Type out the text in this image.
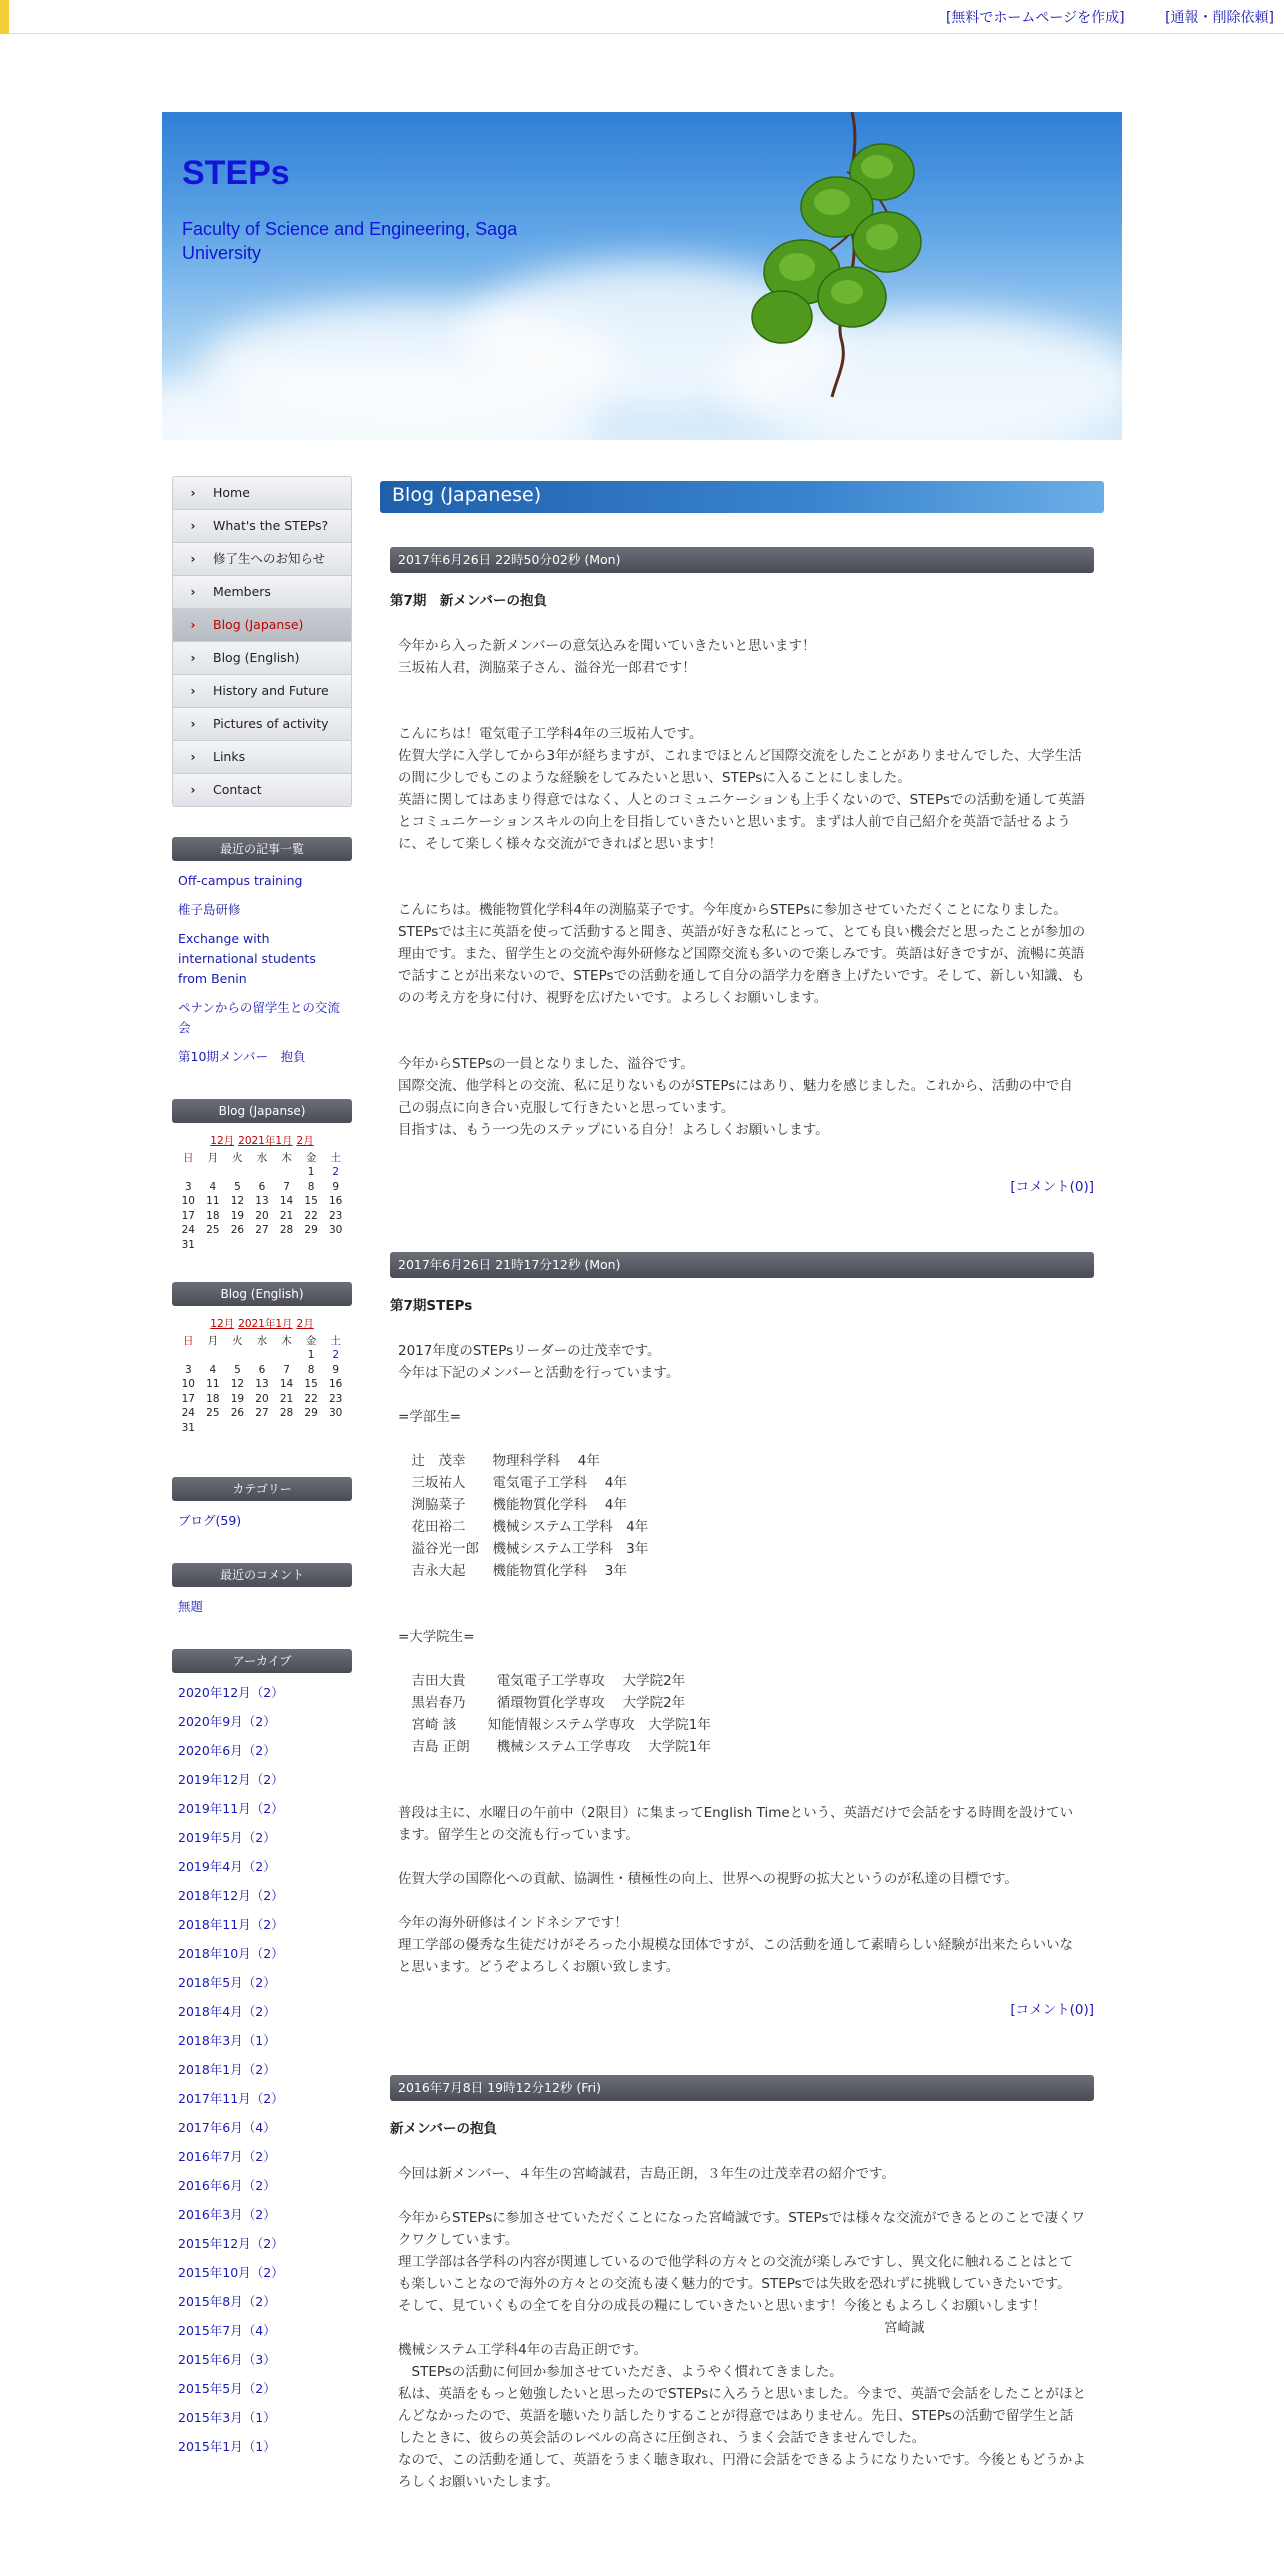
[無料でホームページを作成]	[通報・削除依頼]
STEPs
Faculty of Science and Engineering, Saga University
›	Home
›	What's the STEPs?
›	修了生へのお知らせ
›	Members
›	Blog (Japanse)
›	Blog (English)
›	History and Future
›	Pictures of activity
›	Links
›	Contact
最近の記事一覧
Off-campus training
椎子島研修
Exchange with international students from Benin
ペナンからの留学生との交流会
第10期メンバー　抱負
Blog (Japanse)
12月 2021年1月 2月
日	月	火	水	木	金	土
					1	2
3	4	5	6	7	8	9
10	11	12	13	14	15	16
17	18	19	20	21	22	23
24	25	26	27	28	29	30
31						
Blog (English)
12月 2021年1月 2月
日	月	火	水	木	金	土
					1	2
3	4	5	6	7	8	9
10	11	12	13	14	15	16
17	18	19	20	21	22	23
24	25	26	27	28	29	30
31						
カテゴリー
ブログ(59)
最近のコメント
無題
アーカイブ
2020年12月（2）
2020年9月（2）
2020年6月（2）
2019年12月（2）
2019年11月（2）
2019年5月（2）
2019年4月（2）
2018年12月（2）
2018年11月（2）
2018年10月（2）
2018年5月（2）
2018年4月（2）
2018年3月（1）
2018年1月（2）
2017年11月（2）
2017年6月（4）
2016年7月（2）
2016年6月（2）
2016年3月（2）
2015年12月（2）
2015年10月（2）
2015年8月（2）
2015年7月（4）
2015年6月（3）
2015年5月（2）
2015年3月（1）
2015年1月（1）
Blog (Japanese)
2017年6月26日 22時50分02秒 (Mon)
第7期　新メンバーの抱負
今年から入った新メンバーの意気込みを聞いていきたいと思います！
三坂祐人君，渕脇菜子さん、溢谷光一郎君です！

こんにちは！電気電子工学科4年の三坂祐人です。
佐賀大学に入学してから3年が経ちますが、これまでほとんど国際交流をしたことがありませんでした、大学生活の間に少しでもこのような経験をしてみたいと思い、STEPsに入ることにしました。
英語に関してはあまり得意ではなく、人とのコミュニケーションも上手くないので、STEPsでの活動を通して英語とコミュニケーションスキルの向上を目指していきたいと思います。まずは人前で自己紹介を英語で話せるように、そして楽しく様々な交流ができればと思います！

こんにちは。機能物質化学科4年の渕脇菜子です。今年度からSTEPsに参加させていただくことになりました。STEPsでは主に英語を使って活動すると聞き、英語が好きな私にとって、とても良い機会だと思ったことが参加の理由です。また、留学生との交流や海外研修など国際交流も多いので楽しみです。英語は好きですが、流暢に英語で話すことが出来ないので、STEPsでの活動を通して自分の語学力を磨き上げたいです。そして、新しい知識、ものの考え方を身に付け、視野を広げたいです。よろしくお願いします。

今年からSTEPsの一員となりました、溢谷です。
国際交流、他学科との交流、私に足りないものがSTEPsにはあり、魅力を感じました。これから、活動の中で自己の弱点に向き合い克服して行きたいと思っています。
目指すは、もう一つ先のステップにいる自分！よろしくお願いします。
[コメント(0)]
2017年6月26日 21時17分12秒 (Mon)
第7期STEPs
2017年度のSTEPsリーダーの辻茂幸です。
今年は下記のメンバーと活動を行っています。

=学部生=

　辻　茂幸　　物理科学科　 4年
　三坂祐人　　電気電子工学科　 4年
　渕脇菜子　　機能物質化学科　 4年
　花田裕二　　機械システム工学科　4年
　溢谷光一郎　機械システム工学科　3年
　吉永大起　　機能物質化学科　 3年

=大学院生=

　吉田大貴　　 電気電子工学専攻　 大学院2年
　黒岩春乃　　 循環物質化学専攻　 大学院2年
　宮崎 該　　 知能情報システム学専攻　大学院1年
　吉島 正朗　　機械システム工学専攻　 大学院1年

普段は主に、水曜日の午前中（2限目）に集まってEnglish Timeという、英語だけで会話をする時間を設けています。留学生との交流も行っています。

佐賀大学の国際化への貢献、協調性・積極性の向上、世界への視野の拡大というのが私達の目標です。

今年の海外研修はインドネシアです！
理工学部の優秀な生徒だけがそろった小規模な団体ですが、この活動を通して素晴らしい経験が出来たらいいなと思います。どうぞよろしくお願い致します。
[コメント(0)]
2016年7月8日 19時12分12秒 (Fri)
新メンバーの抱負
今回は新メンバー、４年生の宮崎誠君，吉島正朗，３年生の辻茂幸君の紹介です。

今年からSTEPsに参加させていただくことになった宮崎誠です。STEPsでは様々な交流ができるとのことで凄くワクワクしています。
理工学部は各学科の内容が関連しているので他学科の方々との交流が楽しみですし、異文化に触れることはとても楽しいことなので海外の方々との交流も凄く魅力的です。STEPsでは失敗を恐れずに挑戦していきたいです。
そして、見ていくもの全てを自分の成長の糧にしていきたいと思います！今後ともよろしくお願いします！
　　　　　　　　　　　　　　　　　　　　　　　　　　　　　　　　　　　　宮崎誠
機械システム工学科4年の吉島正朗です。
　STEPsの活動に何回か参加させていただき、ようやく慣れてきました。
私は、英語をもっと勉強したいと思ったのでSTEPsに入ろうと思いました。今まで、英語で会話をしたことがほとんどなかったので、英語を聴いたり話したりすることが得意ではありません。先日、STEPsの活動で留学生と話したときに、彼らの英会話のレベルの高さに圧倒され、うまく会話できませんでした。
なので、この活動を通して、英語をうまく聴き取れ、円滑に会話をできるようになりたいです。今後ともどうかよろしくお願いいたします。
